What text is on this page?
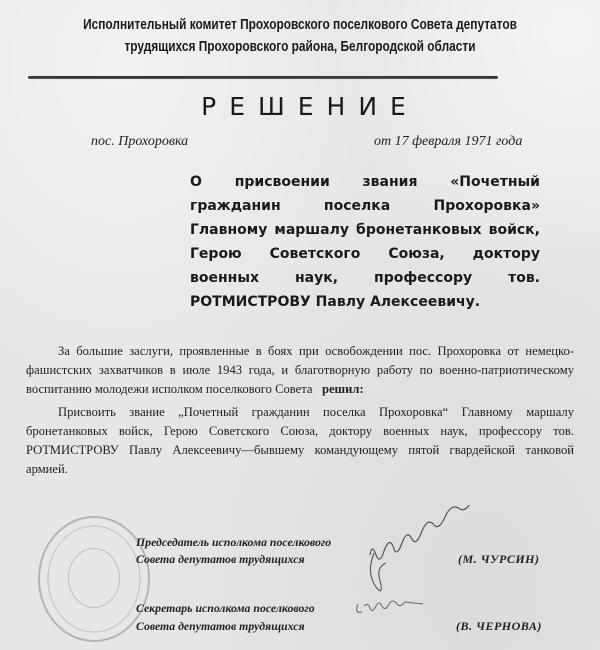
Исполнительный комитет Прохоровского поселкового Совета депутатов
трудящихся Прохоровского района, Белгородской области
РЕШЕНИЕ
пос. Прохоровка	от 17 февраля 1971 года
О присвоении звания «Почетный гражданин поселка Прохоровка» Главному маршалу бронетанковых войск, Герою Советского Союза, доктору военных наук, профессору тов. РОТМИСТРОВУ Павлу Алексеевичу.
За большие заслуги, проявленные в боях при освобождении пос. Прохоровка от немецко-фашистских захватчиков в июле 1943 года, и благотворную работу по военно-патриотическому воспитанию молодежи исполком поселкового Совета решил:
Присвоить звание „Почетный гражданин поселка Прохоровка“ Главному маршалу бронетанковых войск, Герою Советского Союза, доктору военных наук, профессору тов. РОТМИСТРОВУ Павлу Алексеевичу—бывшему командующему пятой гвардейской танковой армией.
Председатель исполкома поселкового
Совета депутатов трудящихся	(М. ЧУРСИН)
Секретарь исполкома поселкового
Совета депутатов трудящихся	(В. ЧЕРНОВА)
